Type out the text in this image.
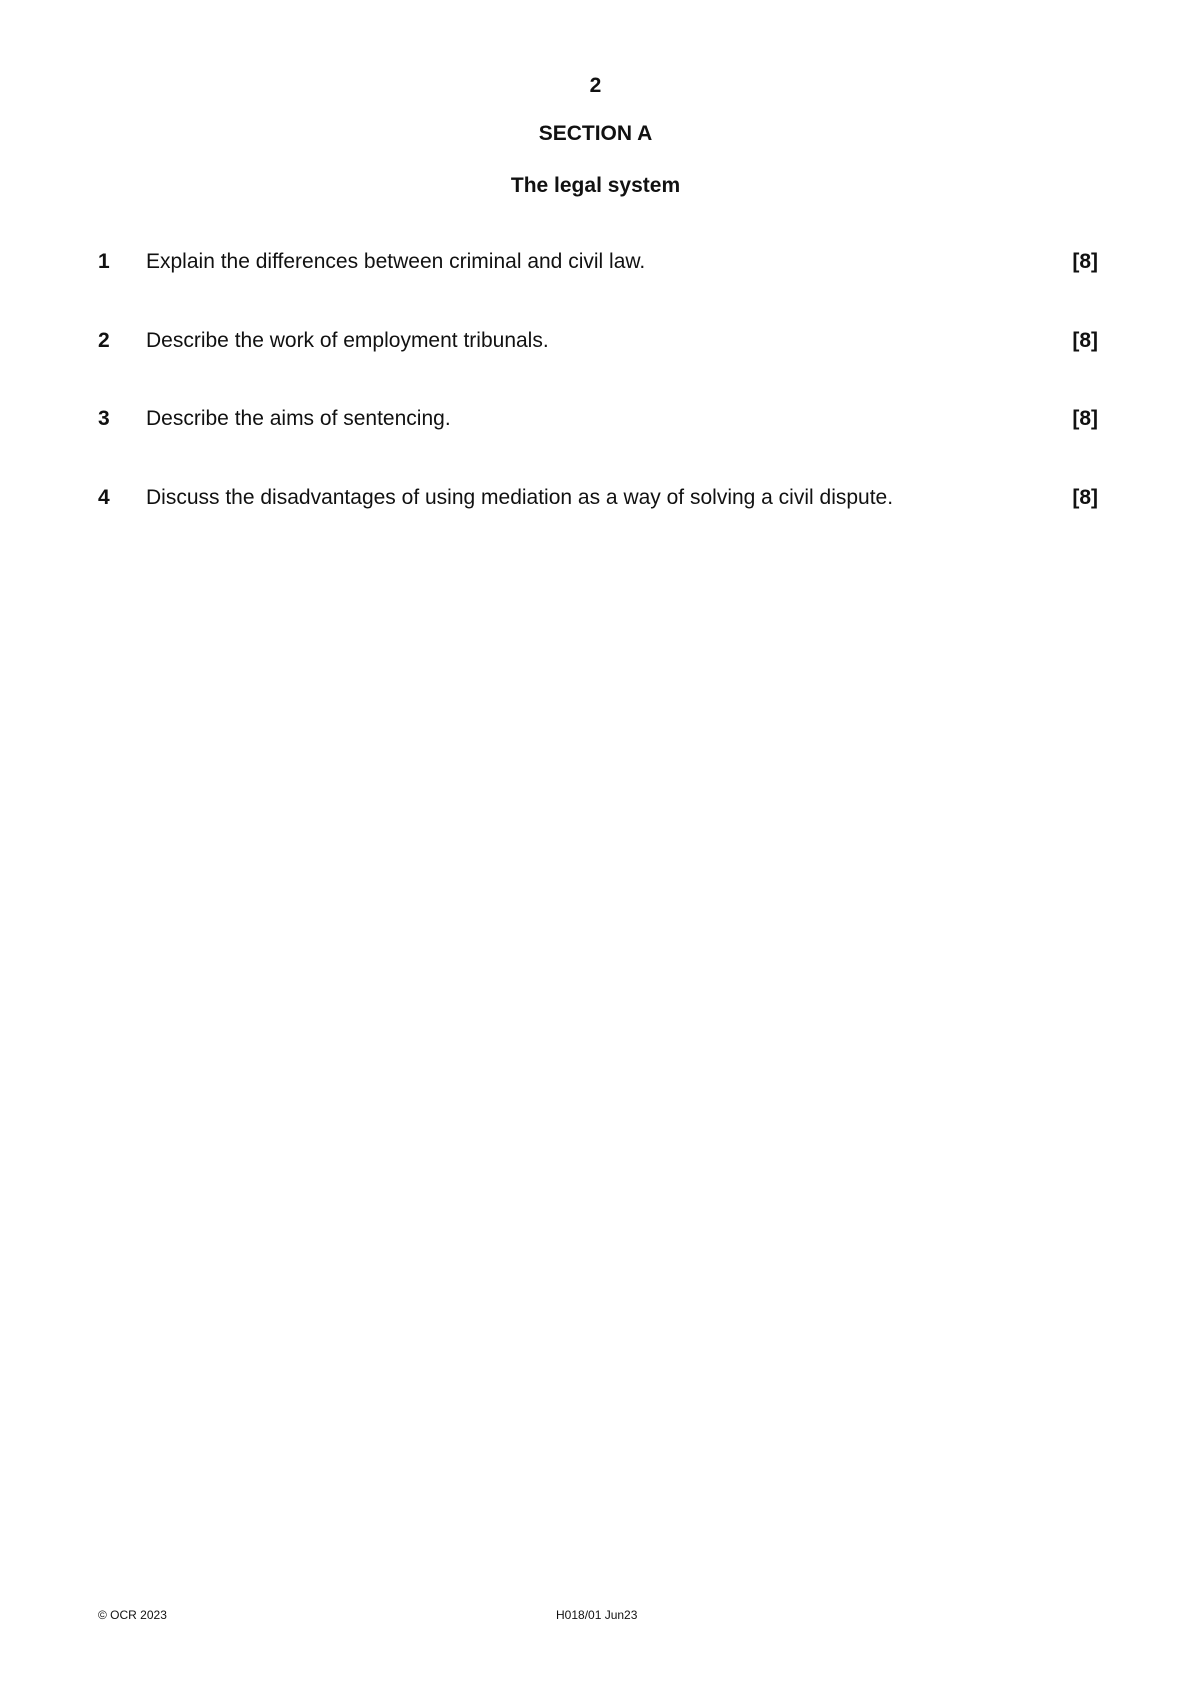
2
SECTION A
The legal system
1 Explain the differences between criminal and civil law.	[8]
2 Describe the work of employment tribunals.	[8]
3 Describe the aims of sentencing.	[8]
4 Discuss the disadvantages of using mediation as a way of solving a civil dispute.	[8]
© OCR 2023	H018/01 Jun23
